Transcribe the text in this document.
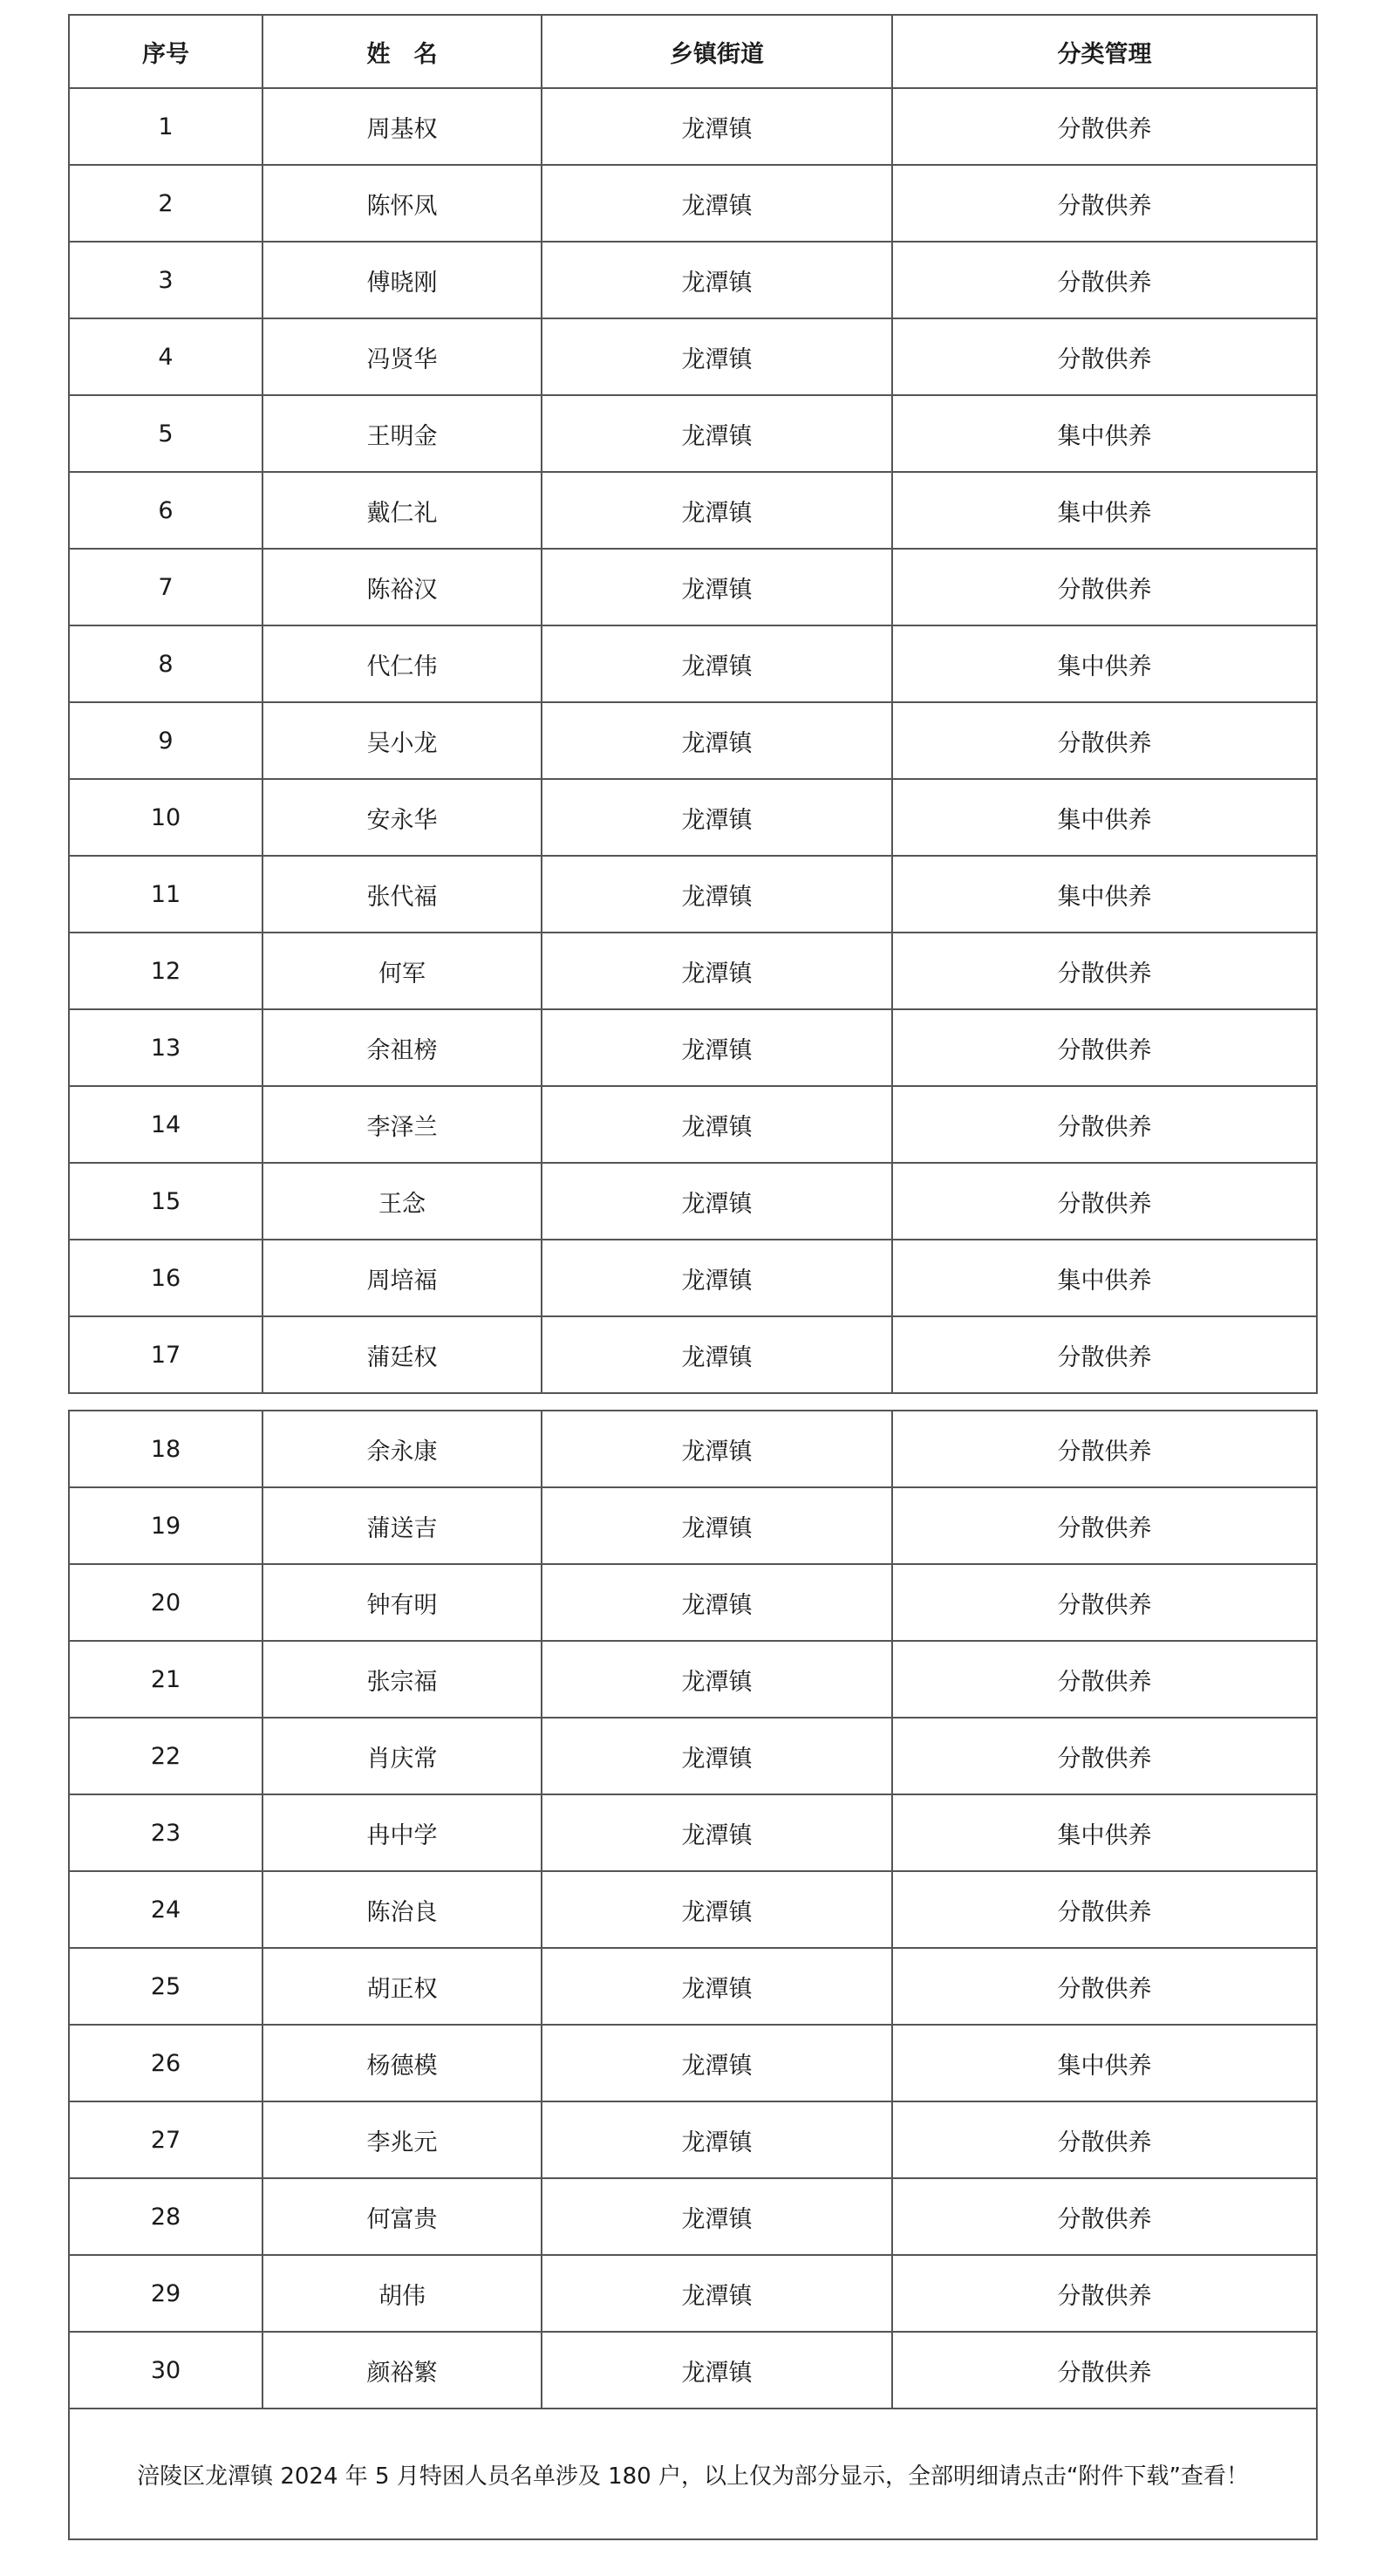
序号	姓　名	乡镇街道	分类管理
1	周基权	龙潭镇	分散供养
2	陈怀凤	龙潭镇	分散供养
3	傅晓刚	龙潭镇	分散供养
4	冯贤华	龙潭镇	分散供养
5	王明金	龙潭镇	集中供养
6	戴仁礼	龙潭镇	集中供养
7	陈裕汉	龙潭镇	分散供养
8	代仁伟	龙潭镇	集中供养
9	吴小龙	龙潭镇	分散供养
10	安永华	龙潭镇	集中供养
11	张代福	龙潭镇	集中供养
12	何军	龙潭镇	分散供养
13	余祖榜	龙潭镇	分散供养
14	李泽兰	龙潭镇	分散供养
15	王念	龙潭镇	分散供养
16	周培福	龙潭镇	集中供养
17	蒲廷权	龙潭镇	分散供养
18	余永康	龙潭镇	分散供养
19	蒲送吉	龙潭镇	分散供养
20	钟有明	龙潭镇	分散供养
21	张宗福	龙潭镇	分散供养
22	肖庆常	龙潭镇	分散供养
23	冉中学	龙潭镇	集中供养
24	陈治良	龙潭镇	分散供养
25	胡正权	龙潭镇	分散供养
26	杨德模	龙潭镇	集中供养
27	李兆元	龙潭镇	分散供养
28	何富贵	龙潭镇	分散供养
29	胡伟	龙潭镇	分散供养
30	颜裕繁	龙潭镇	分散供养
涪陵区龙潭镇 2024 年 5 月特困人员名单涉及 180 户，以上仅为部分显示，全部明细请点击“附件下载”查看！			
